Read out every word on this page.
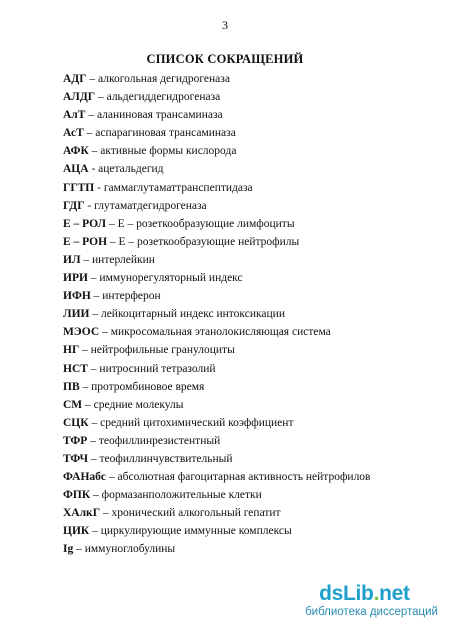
3
СПИСОК СОКРАЩЕНИЙ
АДГ – алкогольная дегидрогеназа
АЛДГ – альдегиддегидрогеназа
АлТ – аланиновая трансаминаза
АсТ – аспарагиновая трансаминаза
АФК – активные формы кислорода
АЦА - ацетальдегид
ГГТП - гаммаглутаматтранспептидаза
ГДГ - глутаматдегидрогеназа
Е – РОЛ – Е – розеткообразующие лимфоциты
Е – РОН – Е – розеткообразующие нейтрофилы
ИЛ – интерлейкин
ИРИ – иммунорегуляторный индекс
ИФН – интерферон
ЛИИ – лейкоцитарный индекс интоксикации
МЭОС – микросомальная этанолокисляющая система
НГ – нейтрофильные гранулоциты
НСТ – нитросиний тетразолий
ПВ – протромбиновое время
СМ – средние молекулы
СЦК – средний цитохимический коэффициент
ТФР – теофиллинрезистентный
ТФЧ – теофиллинчувствительный
ФАНабс – абсолютная фагоцитарная активность нейтрофилов
ФПК – формазанположительные клетки
ХАлкГ – хронический алкогольный гепатит
ЦИК – циркулирующие иммунные комплексы
Ig – иммуноглобулины
dsLib.net
библиотека диссертаций
